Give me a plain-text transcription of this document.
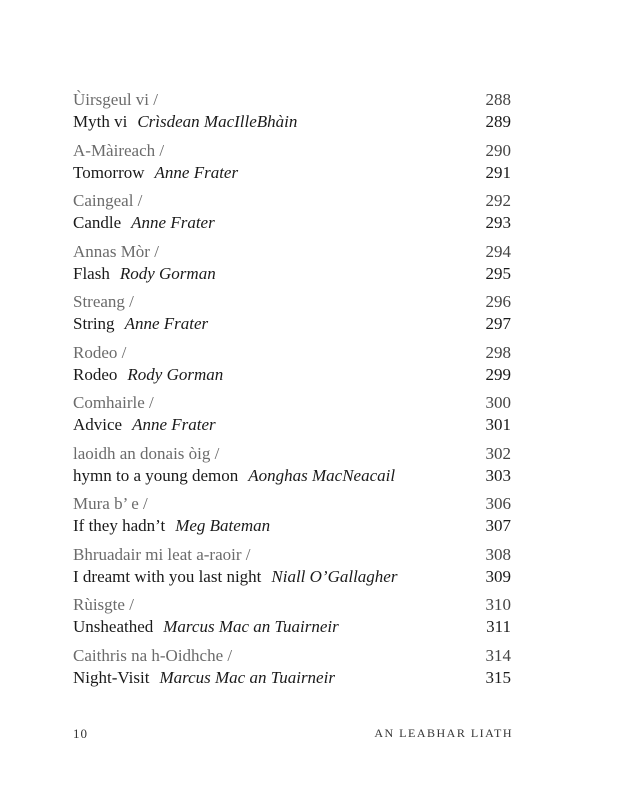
Ùirsgeul vi /	288
Myth vi Crìsdean MacIlleBhàin	289
A-Màireach /	290
Tomorrow Anne Frater	291
Caingeal /	292
Candle Anne Frater	293
Annas Mòr /	294
Flash Rody Gorman	295
Streang /	296
String Anne Frater	297
Rodeo /	298
Rodeo Rody Gorman	299
Comhairle /	300
Advice Anne Frater	301
laoidh an donais òig /	302
hymn to a young demon Aonghas MacNeacail	303
Mura b’ e /	306
If they hadn’t Meg Bateman	307
Bhruadair mi leat a-raoir /	308
I dreamt with you last night Niall O’Gallagher	309
Rùisgte /	310
Unsheathed Marcus Mac an Tuairneir	311
Caithris na h-Oidhche /	314
Night-Visit Marcus Mac an Tuairneir	315
10	AN LEABHAR LIATH
